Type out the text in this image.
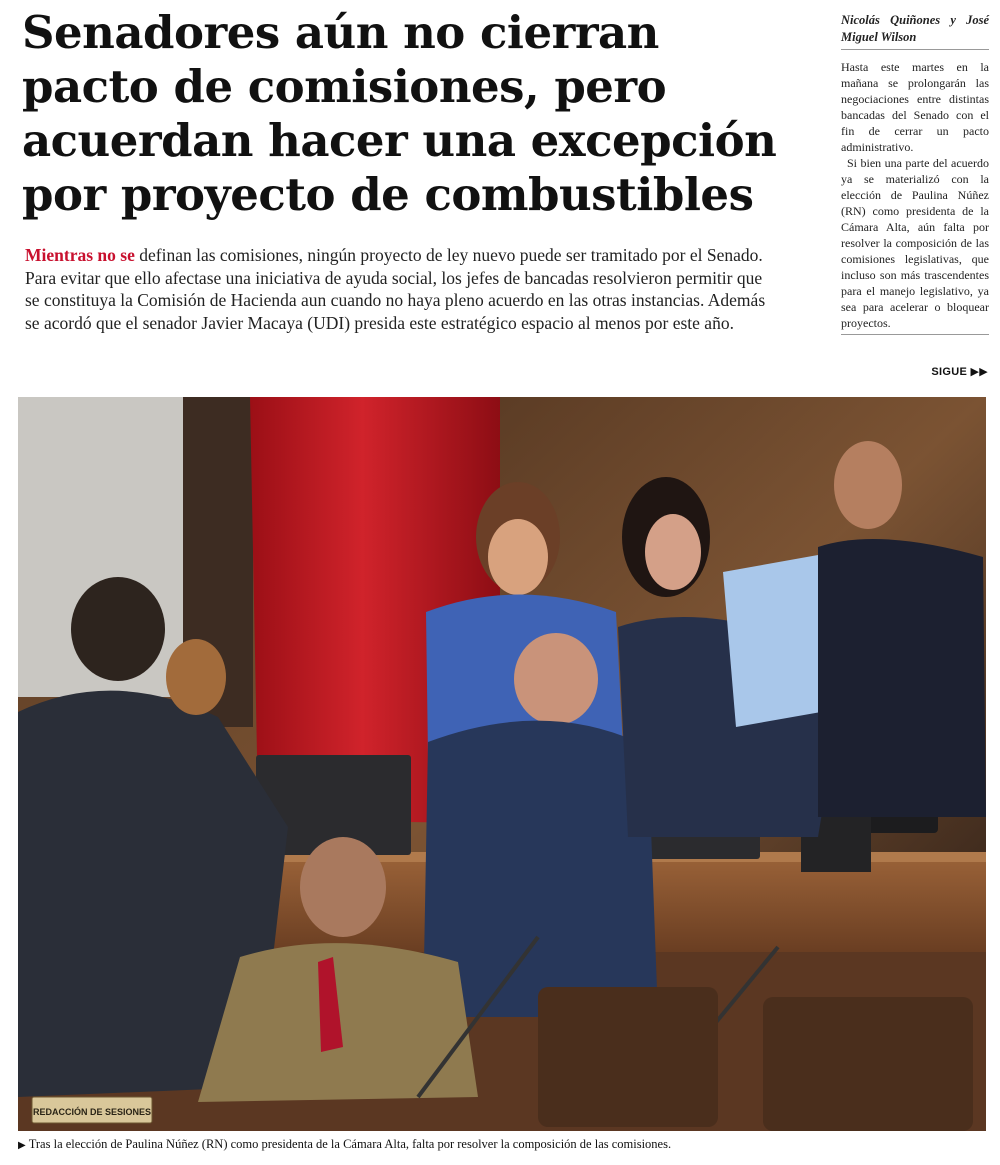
Senadores aún no cierran pacto de comisiones, pero acuerdan hacer una excepción por proyecto de combustibles

Mientras no se definan las comisiones, ningún proyecto de ley nuevo puede ser tramitado por el Senado. Para evitar que ello afectase una iniciativa de ayuda social, los jefes de bancadas resolvieron permitir que se constituya la Comisión de Hacienda aun cuando no haya pleno acuerdo en las otras instancias. Además se acordó que el senador Javier Macaya (UDI) presida este estratégico espacio al menos por este año.

Nicolás Quiñones y José Miguel Wilson

Hasta este martes en la mañana se prolongarán las negociaciones entre distintas bancadas del Senado con el fin de cerrar un pacto administrativo.

Si bien una parte del acuerdo ya se materializó con la elección de Paulina Núñez (RN) como presidenta de la Cámara Alta, aún falta por resolver la composición de las comisiones legislativas, que incluso son más trascendentes para el manejo legislativo, ya sea para acelerar o bloquear proyectos.

SIGUE ▶▶
REDACCIÓN DE SESIONES
▶ Tras la elección de Paulina Núñez (RN) como presidenta de la Cámara Alta, falta por resolver la composición de las comisiones.
